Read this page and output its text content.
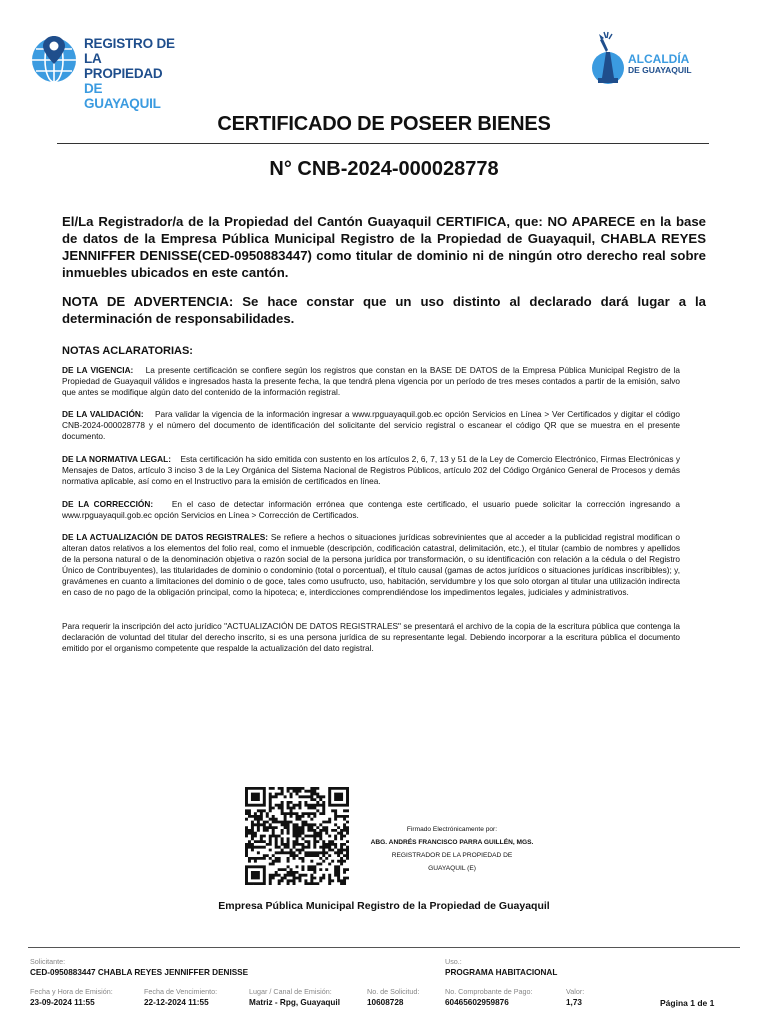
REGISTRO DE
LA PROPIEDAD
DE GUAYAQUIL
ALCALDÍA
DE GUAYAQUIL
CERTIFICADO DE POSEER BIENES
N° CNB-2024-000028778
El/La Registrador/a de la Propiedad del Cantón Guayaquil CERTIFICA, que: NO APARECE en la base de datos de la Empresa Pública Municipal Registro de la Propiedad de Guayaquil, CHABLA REYES JENNIFFER DENISSE(CED-0950883447) como titular de dominio ni de ningún otro derecho real sobre inmuebles ubicados en este cantón.
NOTA DE ADVERTENCIA: Se hace constar que un uso distinto al declarado dará lugar a la determinación de responsabilidades.
NOTAS ACLARATORIAS:
DE LA VIGENCIA: La presente certificación se confiere según los registros que constan en la BASE DE DATOS de la Empresa Pública Municipal Registro de la Propiedad de Guayaquil válidos e ingresados hasta la presente fecha, la que tendrá plena vigencia por un período de tres meses contados a partir de la emisión, salvo que antes se modifique algún dato del contenido de la información registral.
DE LA VALIDACIÓN: Para validar la vigencia de la información ingresar a www.rpguayaquil.gob.ec opción Servicios en Línea > Ver Certificados y digitar el código CNB-2024-000028778 y el número del documento de identificación del solicitante del servicio registral o escanear el código QR que se muestra en el presente documento.
DE LA NORMATIVA LEGAL: Esta certificación ha sido emitida con sustento en los artículos 2, 6, 7, 13 y 51 de la Ley de Comercio Electrónico, Firmas Electrónicas y Mensajes de Datos, artículo 3 inciso 3 de la Ley Orgánica del Sistema Nacional de Registros Públicos, artículo 202 del Código Orgánico General de Procesos y demás normativa aplicable, así como en el Instructivo para la emisión de certificados en línea.
DE LA CORRECCIÓN: En el caso de detectar información errónea que contenga este certificado, el usuario puede solicitar la corrección ingresando a www.rpguayaquil.gob.ec opción Servicios en Línea > Corrección de Certificados.
DE LA ACTUALIZACIÓN DE DATOS REGISTRALES: Se refiere a hechos o situaciones jurídicas sobrevinientes que al acceder a la publicidad registral modifican o alteran datos relativos a los elementos del folio real, como el inmueble (descripción, codificación catastral, delimitación, etc.), el titular (cambio de nombres y apellidos de la persona natural o de la denominación objetiva o razón social de la persona jurídica por transformación, o su identificación con relación a la cédula o del Registro Único de Contribuyentes), las titularidades de dominio o condominio (total o porcentual), el título causal (gamas de actos jurídicos o situaciones jurídicas inscribibles); y, gravámenes en cuanto a limitaciones del dominio o de goce, tales como usufructo, uso, habitación, servidumbre y los que solo otorgan al titular una utilización indirecta en caso de no pago de la obligación principal, como la hipoteca; e, interdicciones comprendiéndose los impedimentos legales, judiciales y administrativos.
Para requerir la inscripción del acto jurídico "ACTUALIZACIÓN DE DATOS REGISTRALES" se presentará el archivo de la copia de la escritura pública que contenga la declaración de voluntad del titular del derecho inscrito, si es una persona jurídica de su representante legal. Debiendo incorporar a la escritura pública el documento emitido por el organismo competente que respalde la actualización del dato registral.
Firmado Electrónicamente por:
ABG. ANDRÉS FRANCISCO PARRA GUILLÉN, MGS.
REGISTRADOR DE LA PROPIEDAD DE
GUAYAQUIL (E)
Empresa Pública Municipal Registro de la Propiedad de Guayaquil
Solicitante:
CED-0950883447 CHABLA REYES JENNIFFER DENISSE
Uso.:
PROGRAMA HABITACIONAL
Fecha y Hora de Emisión:
23-09-2024 11:55
Fecha de Vencimiento:
22-12-2024 11:55
Lugar / Canal de Emisión:
Matriz - Rpg, Guayaquil
No. de Solicitud:
10608728
No. Comprobante de Pago:
60465602959876
Valor:
1,73	Página 1 de 1
